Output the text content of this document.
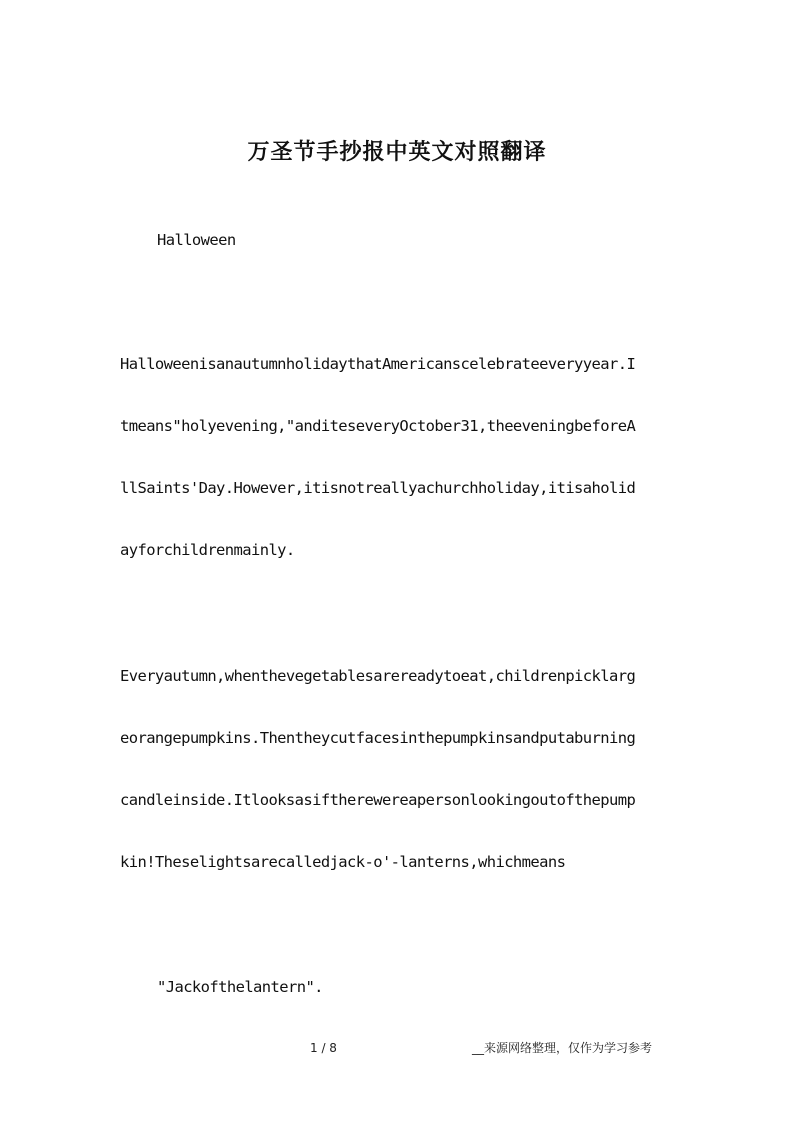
万圣节手抄报中英文对照翻译
Halloween
HalloweenisanautumnholidaythatAmericanscelebrateeveryyear.I
tmeans"holyevening,"anditeseveryOctober31,theeveningbeforeA
llSaints'Day.However,itisnotreallyachurchholiday,itisaholid
ayforchildrenmainly.
Everyautumn,whenthevegetablesarereadytoeat,childrenpicklarg
eorangepumpkins.Thentheycutfacesinthepumpkinsandputaburning
candleinside.Itlooksasiftherewereapersonlookingoutofthepump
kin!Theselightsarecalledjack-o'-lanterns,whichmeans
"Jackofthelantern".
1 / 8	__来源网络整理，仅作为学习参考
